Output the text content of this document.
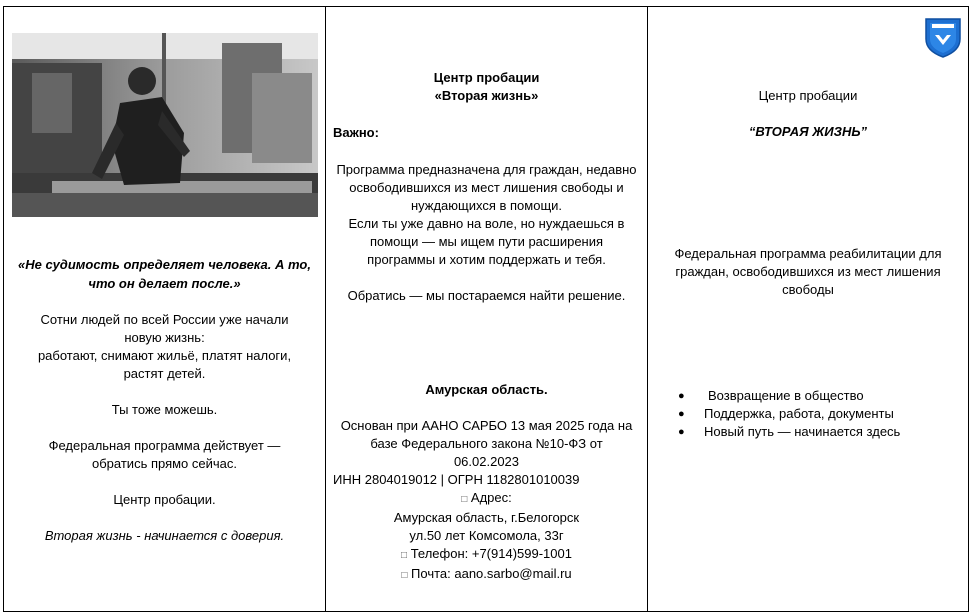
«Не судимость определяет человека. А то, что он делает после.»

Сотни людей по всей России уже начали новую жизнь:

работают, снимают жильё, платят налоги, растят детей.

Ты тоже можешь.

Федеральная программа действует — обратись прямо сейчас.

Центр пробации.

Вторая жизнь - начинается с доверия.

Центр пробации

«Вторая жизнь»

Важно:

Программа предназначена для граждан, недавно освободившихся из мест лишения свободы и нуждающихся в помощи.

Если ты уже давно на воле, но нуждаешься в помощи — мы ищем пути расширения программы и хотим поддержать и тебя.

Обратись — мы постараемся найти решение.

Амурская область.

Основан при ААНО САРБО 13 мая 2025 года на базе Федерального закона №10-ФЗ от 06.02.2023

ИНН 2804019012 | ОГРН 1182801010039

□ Адрес:

Амурская область, г.Белогорск

ул.50 лет Комсомола, 33г

□ Телефон: +7(914)599-1001

□ Почта: aano.sarbo@mail.ru

Центр пробации

“ВТОРАЯ ЖИЗНЬ”

Федеральная программа реабилитации для граждан, освободившихся из мест лишения свободы

● Возвращение в общество
● Поддержка, работа, документы
● Новый путь — начинается здесь
